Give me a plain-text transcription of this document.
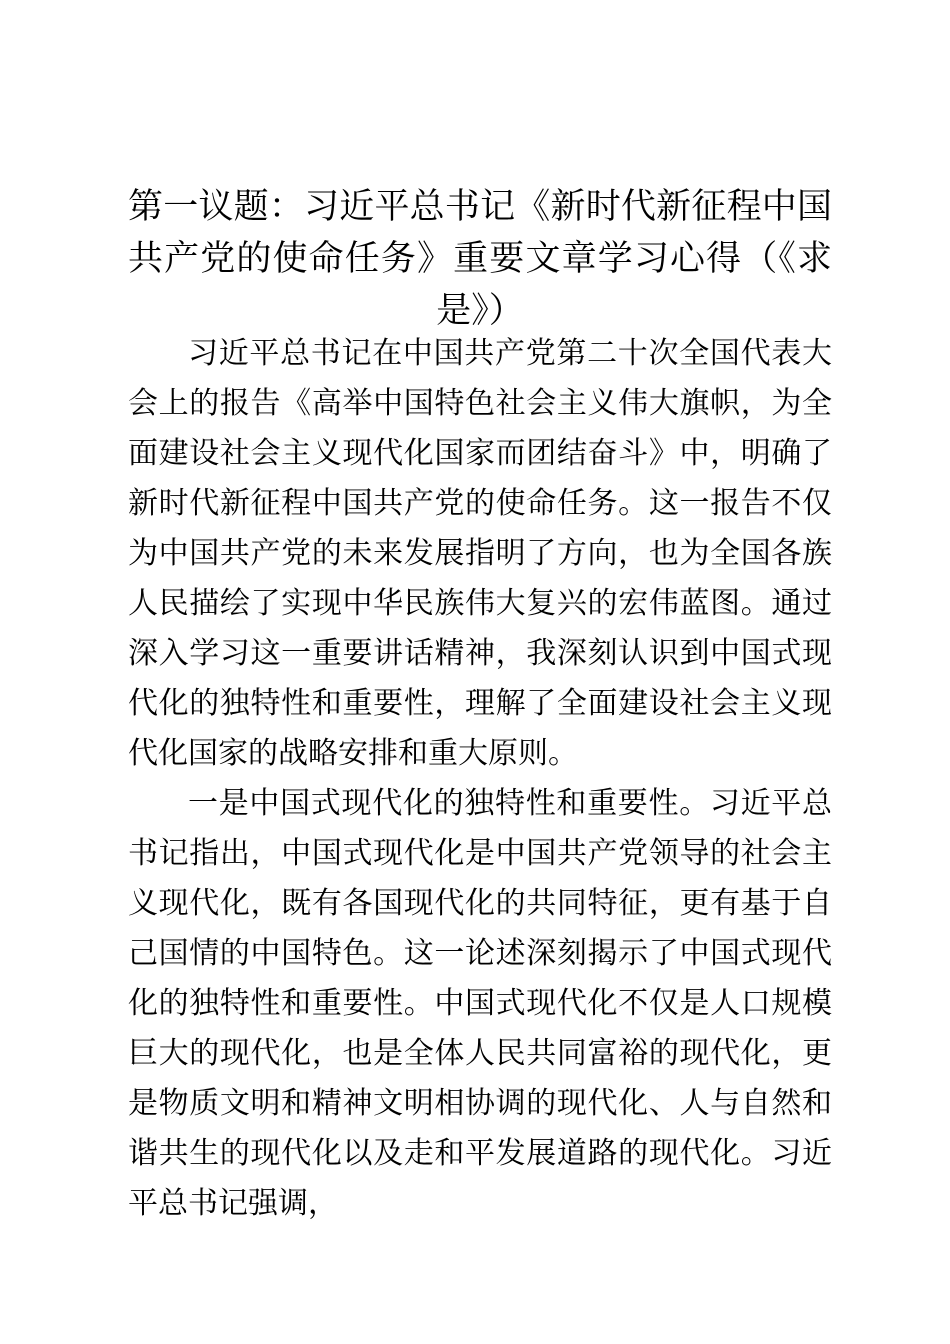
第一议题：习近平总书记《新时代新征程中国共产党的使命任务》重要文章学习心得（《求是》）

习近平总书记在中国共产党第二十次全国代表大会上的报告《高举中国特色社会主义伟大旗帜，为全面建设社会主义现代化国家而团结奋斗》中，明确了新时代新征程中国共产党的使命任务。这一报告不仅为中国共产党的未来发展指明了方向，也为全国各族人民描绘了实现中华民族伟大复兴的宏伟蓝图。通过深入学习这一重要讲话精神，我深刻认识到中国式现代化的独特性和重要性，理解了全面建设社会主义现代化国家的战略安排和重大原则。

一是中国式现代化的独特性和重要性。习近平总书记指出，中国式现代化是中国共产党领导的社会主义现代化，既有各国现代化的共同特征，更有基于自己国情的中国特色。这一论述深刻揭示了中国式现代化的独特性和重要性。中国式现代化不仅是人口规模巨大的现代化，也是全体人民共同富裕的现代化，更是物质文明和精神文明相协调的现代化、人与自然和谐共生的现代化以及走和平发展道路的现代化。习近平总书记强调，
